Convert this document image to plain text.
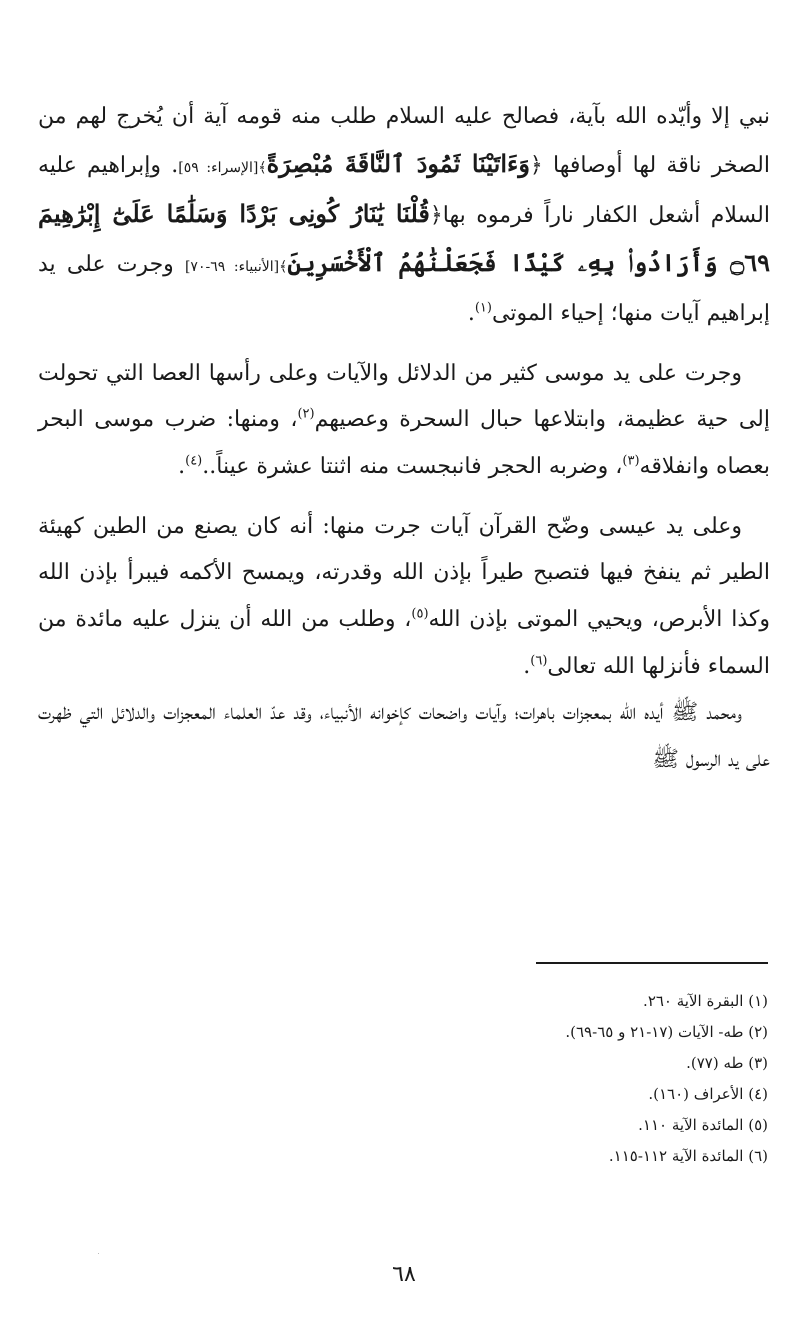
نبي إلا وأيّده الله بآية، فصالح عليه السلام طلب منه قومه آية أن يُخرج لهم من الصخر ناقة لها أوصافها ﴿وَءَاتَيْنَا ثَمُودَ ٱلنَّاقَةَ مُبْصِرَةً﴾[الإسراء: ٥٩]. وإبراهيم عليه السلام أشعل الكفار ناراً فرموه بها﴿قُلْنَا يَٰنَارُ كُونِى بَرْدًا وَسَلَٰمًا عَلَىٰٓ إِبْرَٰهِيمَ ۝٦٩ وَأَرَادُوا۟ بِهِۦ كَيْدًا فَجَعَلْنَٰهُمُ ٱلْأَخْسَرِينَ﴾[الأنبياء: ٦٩-٧٠] وجرت على يد إبراهيم آيات منها؛ إحياء الموتى$^{(١)}$.

وجرت على يد موسى كثير من الدلائل والآيات وعلى رأسها العصا التي تحولت إلى حية عظيمة، وابتلاعها حبال السحرة وعصيهم$^{(٢)}$، ومنها: ضرب موسى البحر بعصاه وانفلاقه$^{(٣)}$، وضربه الحجر فانبجست منه اثنتا عشرة عيناً..$^{(٤)}$.

وعلى يد عيسى وضّح القرآن آيات جرت منها: أنه كان يصنع من الطين كهيئة الطير ثم ينفخ فيها فتصبح طيراً بإذن الله وقدرته، ويمسح الأكمه فيبرأ بإذن الله وكذا الأبرص، ويحيي الموتى بإذن الله$^{(٥)}$، وطلب من الله أن ينزل عليه مائدة من السماء فأنزلها الله تعالى$^{(٦)}$.

ومحمد ﷺ أيده الله بمعجزات باهرات؛ وآيات واضحات كإخوانه الأنبياء، وقد عدّ العلماء المعجزات والدلائل التي ظهرت على يد الرسول ﷺ

(١) البقرة الآية ٢٦٠.
(٢) طه- الآيات (١٧-٢١ و ٦٥-٦٩).
(٣) طه (٧٧).
(٤) الأعراف (١٦٠).
(٥) المائدة الآية ١١٠.
(٦) المائدة الآية ١١٢-١١٥.
٦٨
